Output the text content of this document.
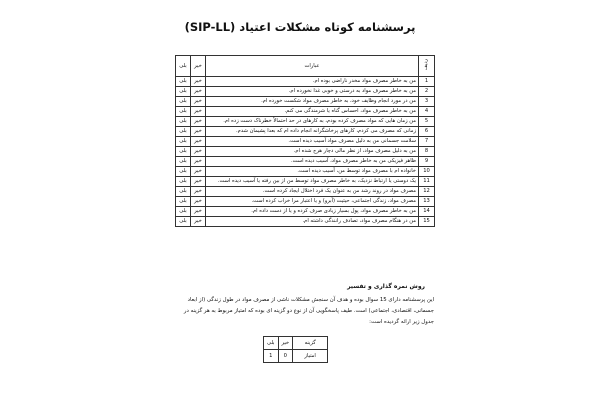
پرسشنامه کوتاه مشکلات اعتیاد (SIP-LL)
ردیف	عبارات	خیر	بلی
1	من به خاطر مصرف مواد مخدر ناراضی بوده ام.	خیر	بلی
2	من به خاطر مصرف مواد به درستی و خوبی غذا نخورده ام.	خیر	بلی
3	من در مورد انجام وظایف خود، به خاطر مصرف مواد شکست خورده ام.	خیر	بلی
4	من به خاطر مصرف مواد، احساس گناه یا شرمندگی می کنم.	خیر	بلی
5	من زمان هایی که مواد مصرف کرده بودم، به کارهای در حد احتمالاً خطرناک دست زده ام.	خیر	بلی
6	زمانی که مصرف می کردم، کارهای پرخاشگرانه انجام داده ام که بعدا پشیمان شدم.	خیر	بلی
7	سلامت جسمانی من به دلیل مصرف مواد آسیب دیده است.	خیر	بلی
8	من به دلیل مصرف مواد، از نظر مالی دچار هرج شده ام.	خیر	بلی
9	ظاهر فیزیکی من به خاطر مصرف مواد، آسیب دیده است.	خیر	بلی
10	خانواده ام با مصرف مواد توسط من، آسیب دیده است.	خیر	بلی
11	یک دوستی یا ارتباط نزدیک، به خاطر مصرف مواد توسط من از بین رفته یا آسیب دیده است.	خیر	بلی
12	مصرف مواد در روند رشد من به عنوان یک فرد اختلال ایجاد کرده است.	خیر	بلی
13	مصرف مواد، زندگی اجتماعی، حیثیت (آبرو) و یا اعتبار مرا خراب کرده است.	خیر	بلی
14	من به خاطر مصرف مواد، پول بسیار زیادی صرف کرده و یا از دست داده ام.	خیر	بلی
15	من در هنگام مصرف مواد، تصادف رانندگی داشته ام.	خیر	بلی
روش نمره گذاری و تفسیر
این پرسشنامه دارای 15 سوال بوده و هدف آن سنجش مشکلات ناشی از مصرف مواد در طول زندگی (از ابعاد جسمانی، اقتصادی، اجتماعی) است. طیف پاسخگویی آن از نوع دو گزینه ای بوده که امتیاز مربوط به هر گزینه در جدول زیر ارائه گردیده است:
گزینه	خیر	بلی
امتیاز	0	1
